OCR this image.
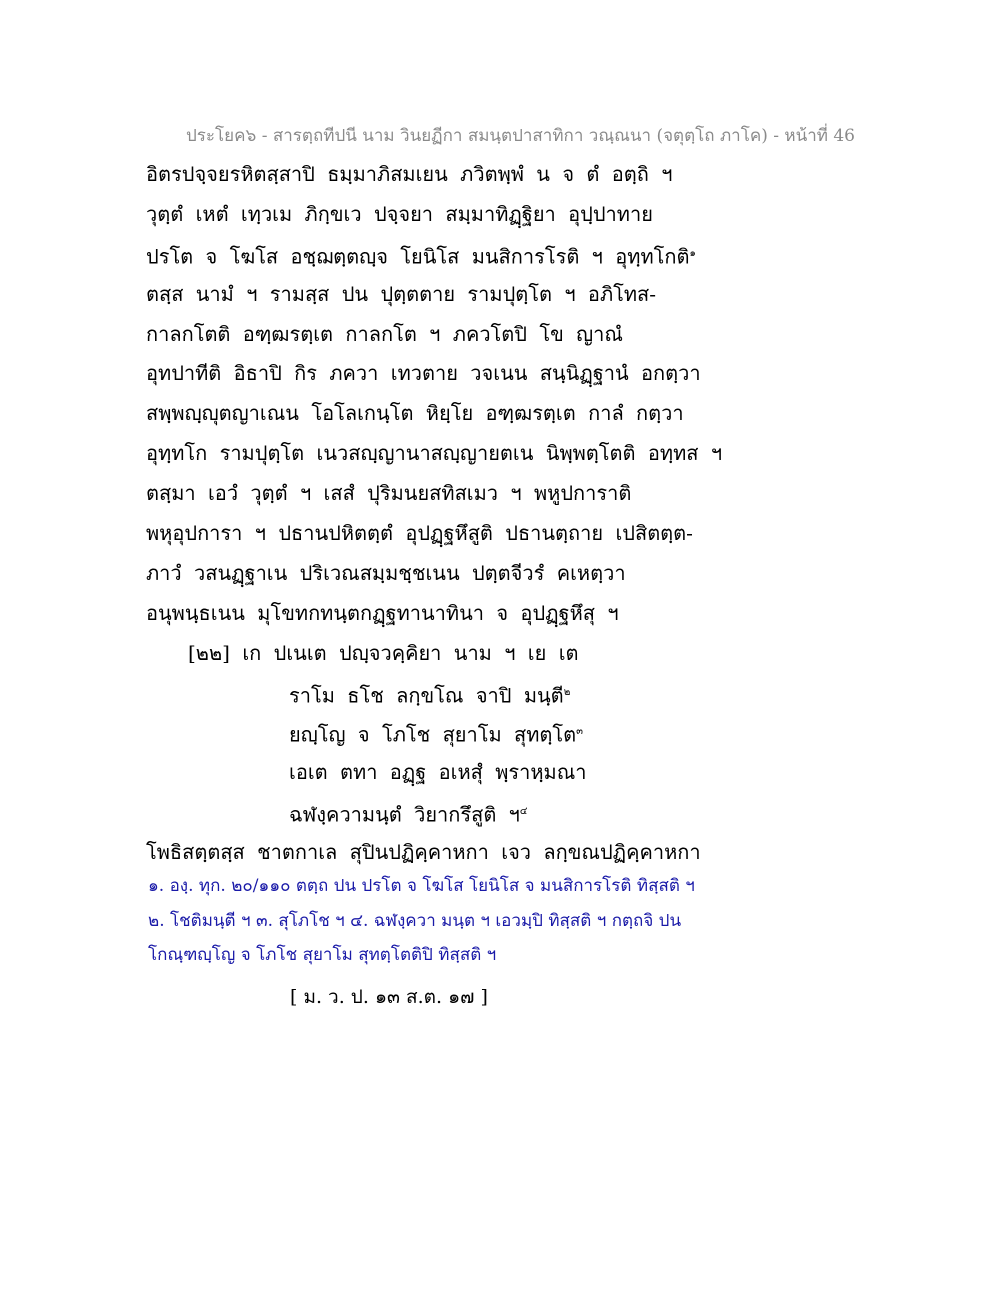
ประโยค๖ - สารตฺถทีปนี นาม วินยฏีกา สมนฺตปาสาทิกา วณฺณนา (จตุตฺโถ ภาโค) - หน้าที่ 46
อิตรปจฺจยรหิตสฺสาปิ ธมฺมาภิสมเยน ภวิตพฺพํ น จ ตํ อตฺถิ ฯ
วุตฺตํ เหตํ เทฺวเม ภิกฺขเว ปจฺจยา สมฺมาทิฏฺฐิยา อุปฺปาทาย
ปรโต จ โฆโส อชฺฌตฺตญฺจ โยนิโส มนสิการโรติ ฯ อุทฺทโกติ$^๑$
ตสฺส นามํ ฯ รามสฺส ปน ปุตฺตตาย รามปุตฺโต ฯ อภิโทส-
กาลกโตติ อฑฺฒรตฺเต กาลกโต ฯ ภควโตปิ โข ญาณํ
อุทปาทีติ อิธาปิ กิร ภควา เทวตาย วจเนน สนฺนิฏฺฐานํ อกตฺวา
สพฺพญฺญุตญาเณน โอโลเกนฺโต หิยฺโย อฑฺฒรตฺเต กาลํ กตฺวา
อุทฺทโก รามปุตฺโต เนวสญฺญานาสญฺญายตเน นิพฺพตฺโตติ อทฺทส ฯ
ตสฺมา เอวํ วุตฺตํ ฯ เสสํ ปุริมนยสทิสเมว ฯ พหูปการาติ
พหุอุปการา ฯ ปธานปหิตตฺตํ อุปฏฺฐหึสูติ ปธานตฺถาย เปสิตตฺต-
ภาวํ วสนฏฺฐาเน ปริเวณสมฺมชฺชเนน ปตฺตจีวรํ คเหตฺวา
อนุพนฺธเนน มุโขทกทนฺตกฏฺฐทานาทินา จ อุปฏฺฐหึสุ ฯ
[๒๒] เก ปเนเต ปญฺจวคฺคิยา นาม ฯ เย เต
ราโม ธโช ลกฺขโณ จาปิ มนฺตี$^๒$
ยญฺโญ จ โภโช สุยาโม สุทตฺโต$^๓$
เอเต ตทา อฏฺฐ อเหสุํ พฺราหฺมณา
ฉฬงฺความนฺตํ วิยากรึสูติ ฯ$^๔$
โพธิสตฺตสฺส ชาตกาเล สุปินปฏิคฺคาหกา เจว ลกฺขณปฏิคฺคาหกา
๑. องฺ. ทุก. ๒๐/๑๑๐ ตตฺถ ปน ปรโต จ โฆโส โยนิโส จ มนสิการโรติ ทิสฺสติ ฯ
๒. โชติมนฺตี ฯ ๓. สุโภโช ฯ ๔. ฉฬงฺควา มนฺต ฯ เอวมฺปิ ทิสฺสติ ฯ กตฺถจิ ปน
โกณฺฑญฺโญ จ โภโช สุยาโม สุทตฺโตติปิ ทิสฺสติ ฯ
[ ม. ว. ป. ๑๓ ส.ต. ๑๗ ]
